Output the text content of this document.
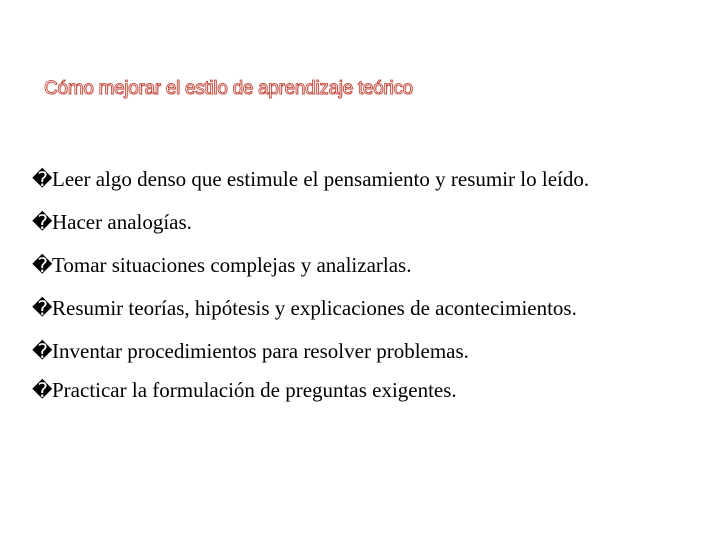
Cómo mejorar el estilo de aprendizaje teórico
� Leer algo denso que estimule el pensamiento y resumir lo leído.
� Hacer analogías.
� Tomar situaciones complejas y analizarlas.
� Resumir teorías, hipótesis y explicaciones de acontecimientos.
� Inventar procedimientos para resolver problemas.
� Practicar la formulación de preguntas exigentes.
